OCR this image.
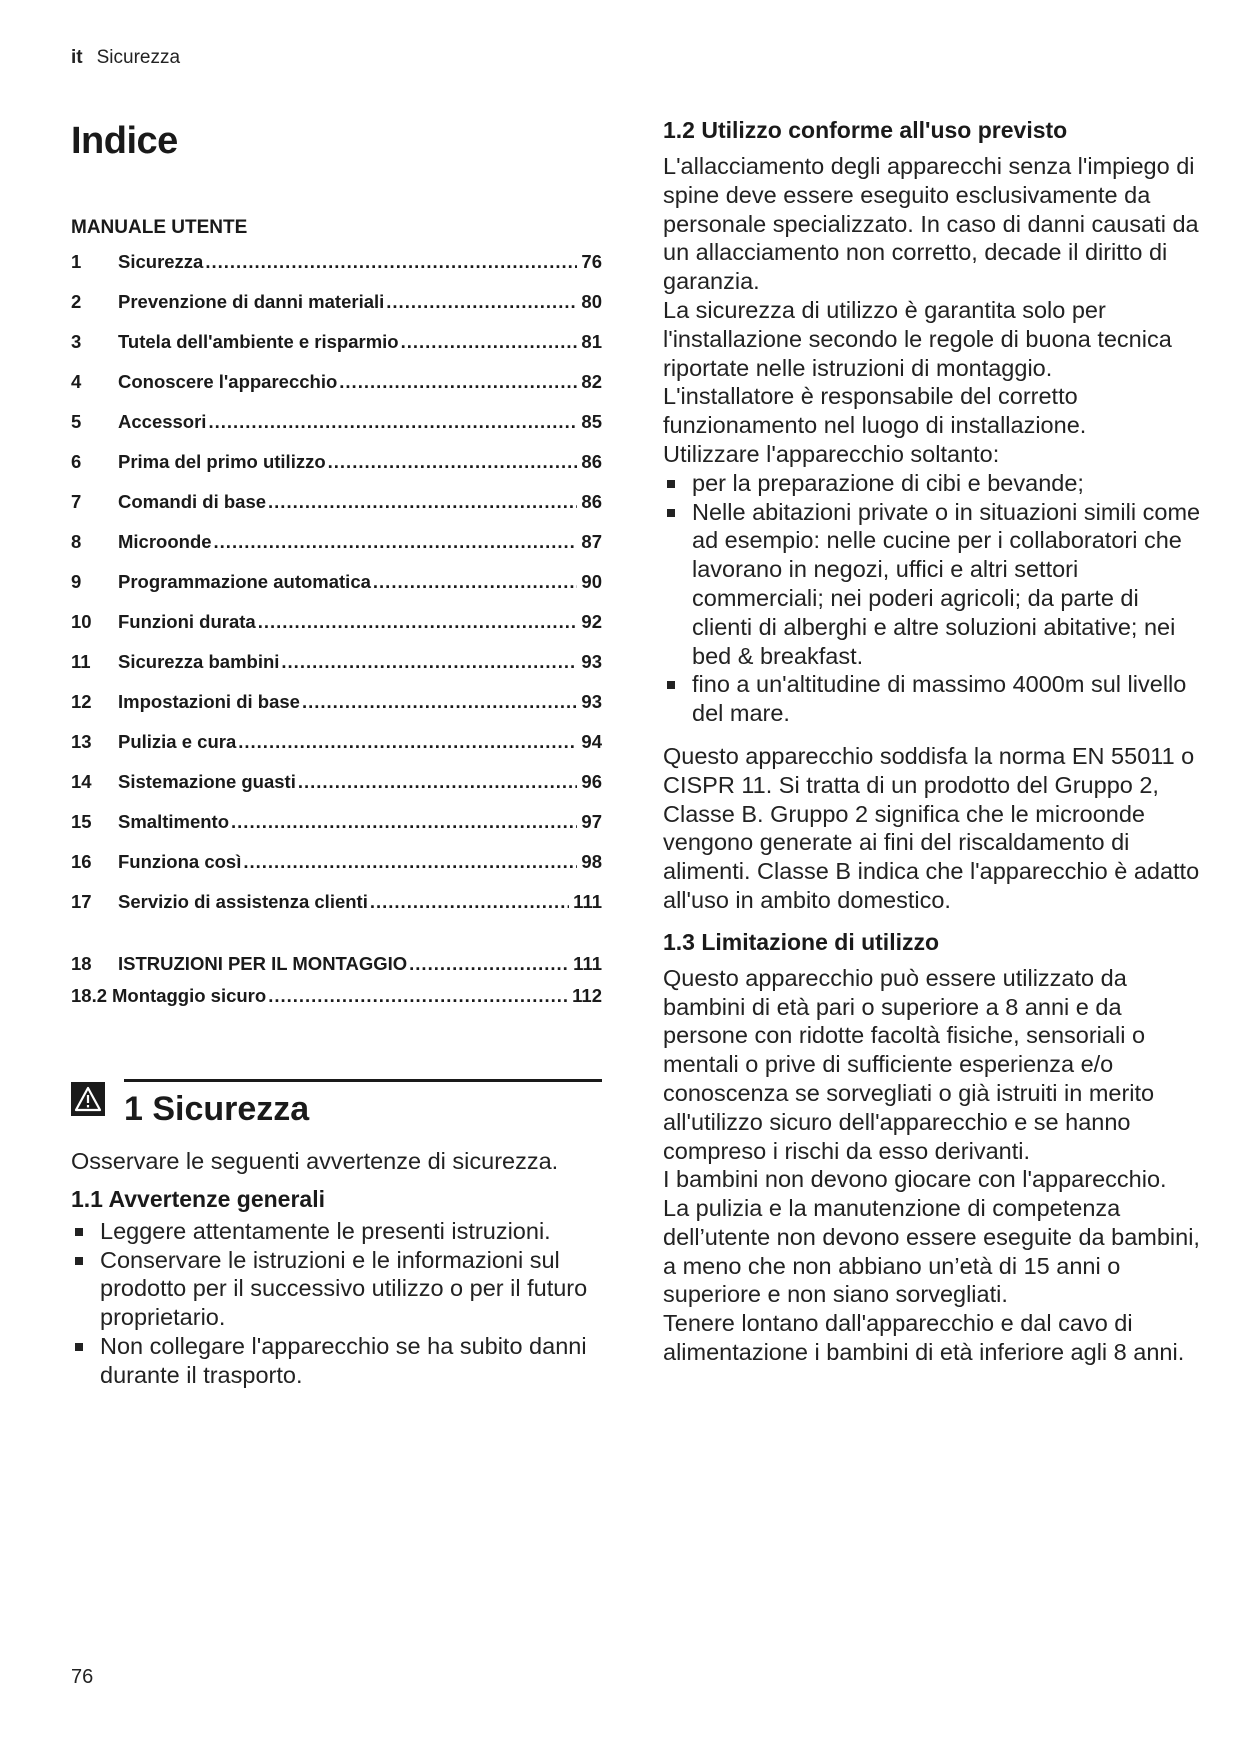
it Sicurezza
Indice
MANUALE UTENTE
1	Sicurezza .....	76
2	Prevenzione di danni materiali .....	80
3	Tutela dell'ambiente e risparmio .....	81
4	Conoscere l'apparecchio .....	82
5	Accessori .....	85
6	Prima del primo utilizzo .....	86
7	Comandi di base .....	86
8	Microonde .....	87
9	Programmazione automatica .....	90
10	Funzioni durata .....	92
11	Sicurezza bambini .....	93
12	Impostazioni di base .....	93
13	Pulizia e cura .....	94
14	Sistemazione guasti .....	96
15	Smaltimento .....	97
16	Funziona così .....	98
17	Servizio di assistenza clienti .....	111
18	ISTRUZIONI PER IL MONTAGGIO .....	111
18.2 Montaggio sicuro .....	112
1 Sicurezza

Osservare le seguenti avvertenze di sicurezza.

1.1 Avvertenze generali
Leggere attentamente le presenti istruzioni.
Conservare le istruzioni e le informazioni sul prodotto per il successivo utilizzo o per il futuro proprietario.
Non collegare l'apparecchio se ha subito danni durante il trasporto.
1.2 Utilizzo conforme all'uso previsto

L'allacciamento degli apparecchi senza l'impiego di spine deve essere eseguito esclusivamente da personale specializzato. In caso di danni causati da un allacciamento non corretto, decade il diritto di garanzia.

La sicurezza di utilizzo è garantita solo per l'installazione secondo le regole di buona tecnica riportate nelle istruzioni di montaggio.

L'installatore è responsabile del corretto funzionamento nel luogo di installazione.

Utilizzare l'apparecchio soltanto:

per la preparazione di cibi e bevande;
Nelle abitazioni private o in situazioni simili come ad esempio: nelle cucine per i collaboratori che lavorano in negozi, uffici e altri settori commerciali; nei poderi agricoli; da parte di clienti di alberghi e altre soluzioni abitative; nei bed & breakfast.
fino a un'altitudine di massimo 4000m sul livello del mare.

Questo apparecchio soddisfa la norma EN 55011 o CISPR 11. Si tratta di un prodotto del Gruppo 2, Classe B. Gruppo 2 significa che le microonde vengono generate ai fini del riscaldamento di alimenti. Classe B indica che l'apparecchio è adatto all'uso in ambito domestico.

1.3 Limitazione di utilizzo

Questo apparecchio può essere utilizzato da bambini di età pari o superiore a 8 anni e da persone con ridotte facoltà fisiche, sensoriali o mentali o prive di sufficiente esperienza e/o conoscenza se sorvegliati o già istruiti in merito all'utilizzo sicuro dell'apparecchio e se hanno compreso i rischi da esso derivanti.

I bambini non devono giocare con l'apparecchio.

La pulizia e la manutenzione di competenza dell’utente non devono essere eseguite da bambini, a meno che non abbiano un’età di 15 anni o superiore e non siano sorvegliati.

Tenere lontano dall'apparecchio e dal cavo di alimentazione i bambini di età inferiore agli 8 anni.

76
